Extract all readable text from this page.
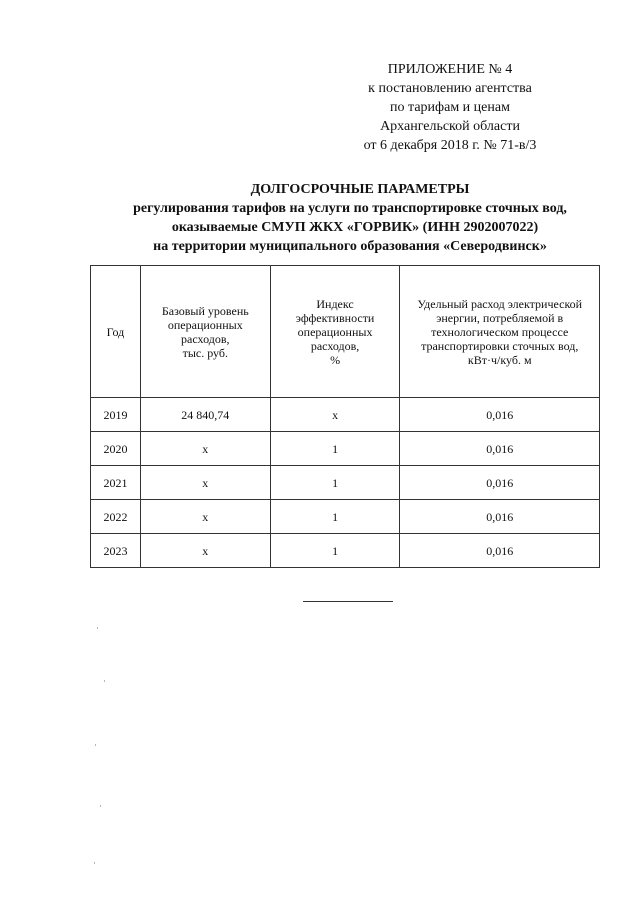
ПРИЛОЖЕНИЕ № 4
к постановлению агентства
по тарифам и ценам
Архангельской области
от 6 декабря 2018 г. № 71-в/3
ДОЛГОСРОЧНЫЕ ПАРАМЕТРЫ
регулирования тарифов на услуги по транспортировке сточных вод,
оказываемые СМУП ЖКХ «ГОРВИК» (ИНН 2902007022)
на территории муниципального образования «Северодвинск»
Год	Базовый уровень
операционных
расходов,
тыс. руб.	Индекс
эффективности
операционных
расходов,
%	Удельный расход электрической
энергии, потребляемой в
технологическом процессе
транспортировки сточных вод,
кВт·ч/куб. м
2019	24 840,74	х	0,016
2020	х	1	0,016
2021	х	1	0,016
2022	х	1	0,016
2023	х	1	0,016
